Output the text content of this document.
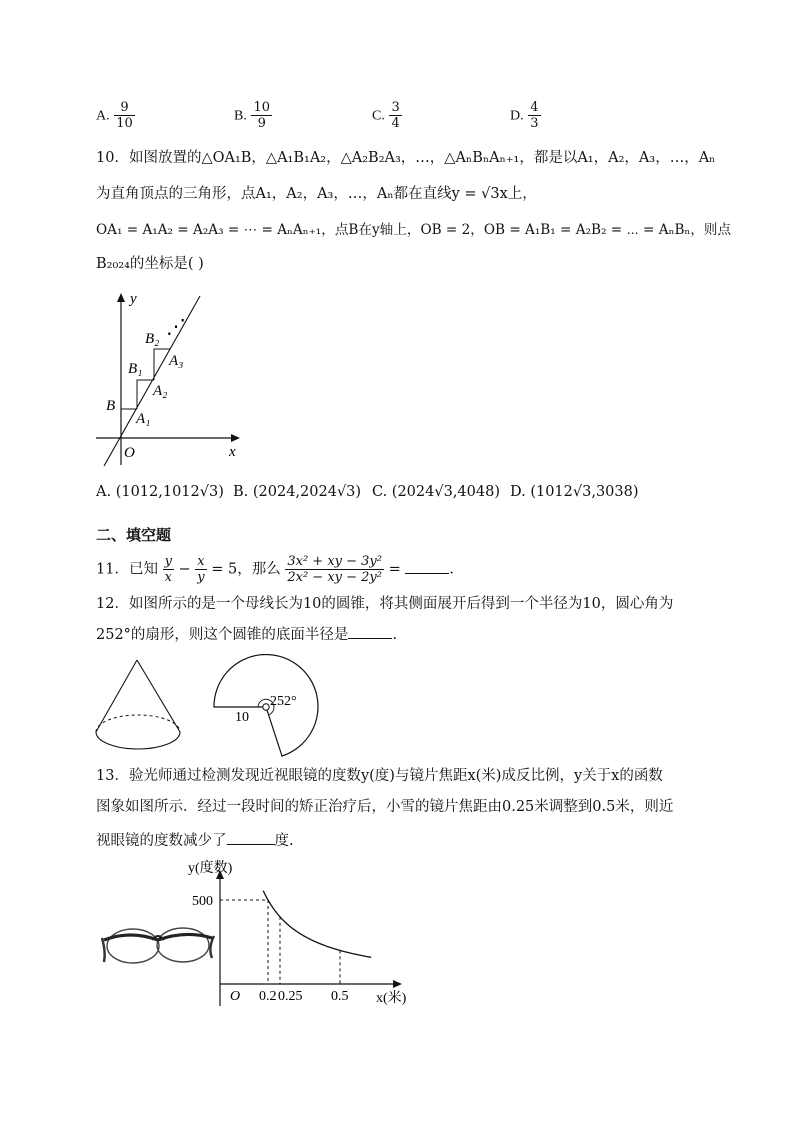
A. $\frac{9}{10}$	B. $\frac{10}{9}$	C. $\frac{3}{4}$	D. $\frac{4}{3}$
10．如图放置的△OA₁B，△A₁B₁A₂，△A₂B₂A₃，…，△AₙBₙAₙ₊₁，都是以A₁，A₂，A₃，…，Aₙ
为直角顶点的三角形，点A₁，A₂，A₃，…，Aₙ都在直线y = √3x上，
OA₁ = A₁A₂ = A₂A₃ = ⋯ = AₙAₙ₊₁，点B在y轴上，OB = 2，OB = A₁B₁ = A₂B₂ = ⋯ = AₙBₙ，则点
B₂₀₂₄的坐标是( )
y
x
O
B
B₁
B₂
A₁
A₂
A₃
⋰
A. (1012,1012√3) B. (2024,2024√3) C. (2024√3,4048) D. (1012√3,3038)
二、填空题
11．已知 $\frac{y}{x} - \frac{x}{y} = 5$，那么 $\frac{\text{3x² + xy − 3y²}}{\text{2x² − xy − 2y²}}$ =	.
12．如图所示的是一个母线长为10的圆锥，将其侧面展开后得到一个半径为10，圆心角为
252°的扇形，则这个圆锥的底面半径是	.
252°
10
13．验光师通过检测发现近视眼镜的度数y(度)与镜片焦距x(米)成反比例，y关于x的函数
图象如图所示．经过一段时间的矫正治疗后，小雪的镜片焦距由0.25米调整到0.5米，则近
视眼镜的度数减少了	度.
y(度数)
x(米)
O
500
0.2 0.25 0.5
